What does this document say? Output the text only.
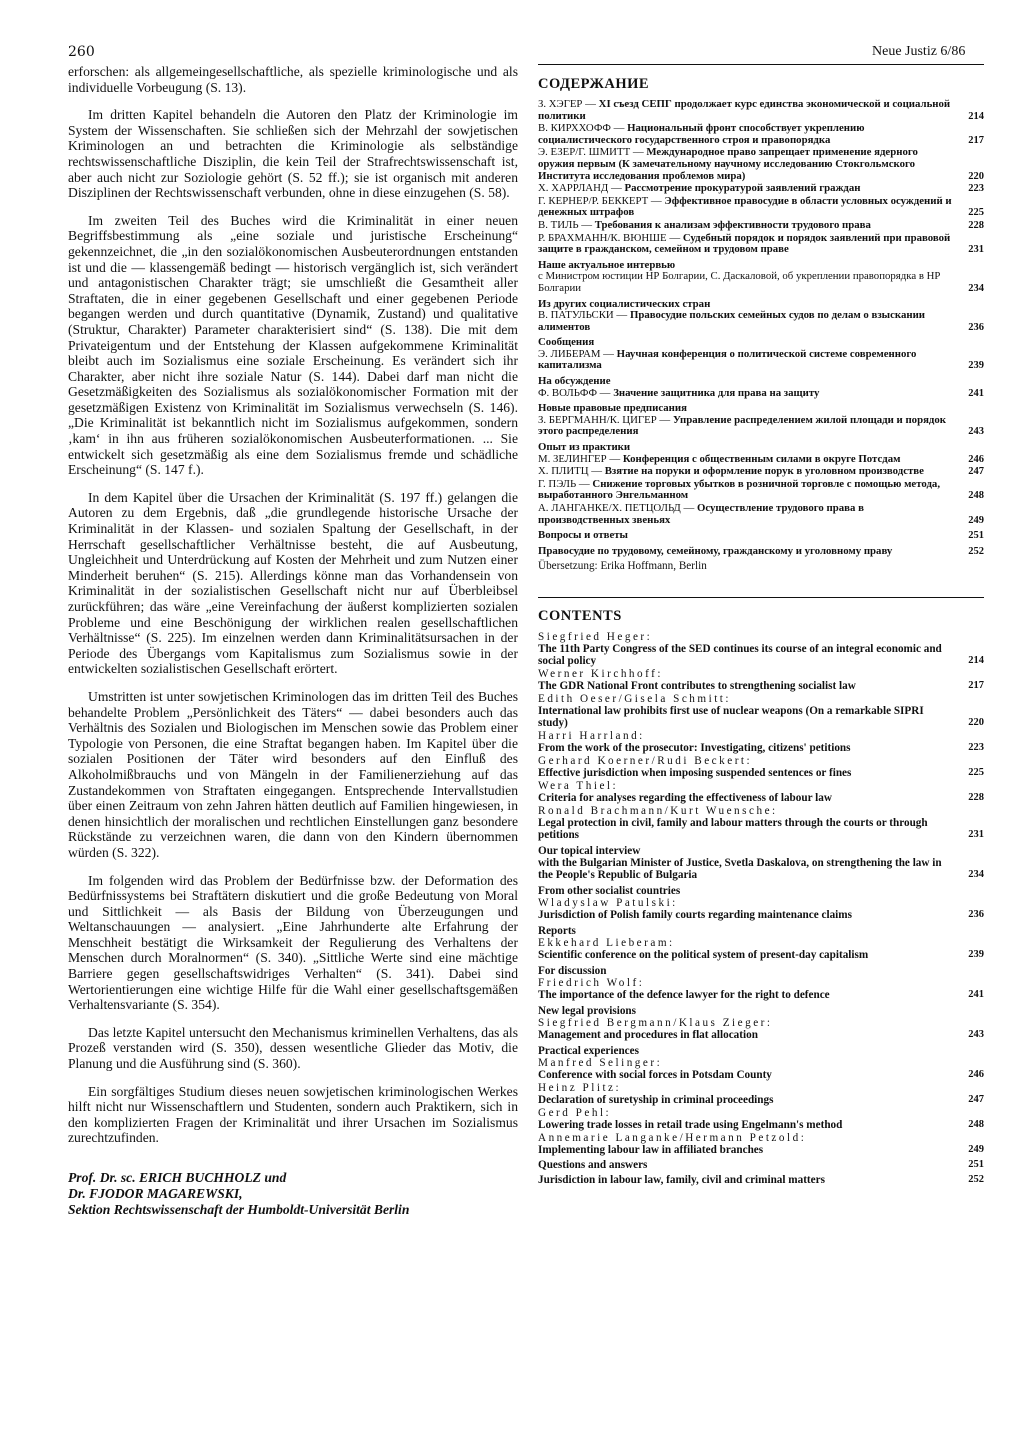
260	Neue Justiz 6/86

erforschen: als allgemeingesellschaftliche, als spezielle kriminologische und als individuelle Vorbeugung (S. 13).

Im dritten Kapitel behandeln die Autoren den Platz der Kriminologie im System der Wissenschaften. Sie schließen sich der Mehrzahl der sowjetischen Kriminologen an und betrachten die Kriminologie als selbständige rechtswissenschaftliche Disziplin, die kein Teil der Strafrechtswissenschaft ist, aber auch nicht zur Soziologie gehört (S. 52 ff.); sie ist organisch mit anderen Disziplinen der Rechtswissenschaft verbunden, ohne in diese einzugehen (S. 58).

Im zweiten Teil des Buches wird die Kriminalität in einer neuen Begriffsbestimmung als „eine soziale und juristische Erscheinung“ gekennzeichnet, die „in den sozialökonomischen Ausbeuterordnungen entstanden ist und die — klassengemäß bedingt — historisch vergänglich ist, sich verändert und antagonistischen Charakter trägt; sie umschließt die Gesamtheit aller Straftaten, die in einer gegebenen Gesellschaft und einer gegebenen Periode begangen werden und durch quantitative (Dynamik, Zustand) und qualitative (Struktur, Charakter) Parameter charakterisiert sind“ (S. 138). Die mit dem Privateigentum und der Entstehung der Klassen aufgekommene Kriminalität bleibt auch im Sozialismus eine soziale Erscheinung. Es verändert sich ihr Charakter, aber nicht ihre soziale Natur (S. 144). Dabei darf man nicht die Gesetzmäßigkeiten des Sozialismus als sozialökonomischer Formation mit der gesetzmäßigen Existenz von Kriminalität im Sozialismus verwechseln (S. 146). „Die Kriminalität ist bekanntlich nicht im Sozialismus aufgekommen, sondern ‚kam‘ in ihn aus früheren sozialökonomischen Ausbeuterformationen. ... Sie entwickelt sich gesetzmäßig als eine dem Sozialismus fremde und schädliche Erscheinung“ (S. 147 f.).

In dem Kapitel über die Ursachen der Kriminalität (S. 197 ff.) gelangen die Autoren zu dem Ergebnis, daß „die grundlegende historische Ursache der Kriminalität in der Klassen- und sozialen Spaltung der Gesellschaft, in der Herrschaft gesellschaftlicher Verhältnisse besteht, die auf Ausbeutung, Ungleichheit und Unterdrückung auf Kosten der Mehrheit und zum Nutzen einer Minderheit beruhen“ (S. 215). Allerdings könne man das Vorhandensein von Kriminalität in der sozialistischen Gesellschaft nicht nur auf Überbleibsel zurückführen; das wäre „eine Vereinfachung der äußerst komplizierten sozialen Probleme und eine Beschönigung der wirklichen realen gesellschaftlichen Verhältnisse“ (S. 225). Im einzelnen werden dann Kriminalitätsursachen in der Periode des Übergangs vom Kapitalismus zum Sozialismus sowie in der entwickelten sozialistischen Gesellschaft erörtert.

Umstritten ist unter sowjetischen Kriminologen das im dritten Teil des Buches behandelte Problem „Persönlichkeit des Täters“ — dabei besonders auch das Verhältnis des Sozialen und Biologischen im Menschen sowie das Problem einer Typologie von Personen, die eine Straftat begangen haben. Im Kapitel über die sozialen Positionen der Täter wird besonders auf den Einfluß des Alkoholmißbrauchs und von Mängeln in der Familienerziehung auf das Zustandekommen von Straftaten eingegangen. Entsprechende Intervallstudien über einen Zeitraum von zehn Jahren hätten deutlich auf Familien hingewiesen, in denen hinsichtlich der moralischen und rechtlichen Einstellungen ganz besondere Rückstände zu verzeichnen waren, die dann von den Kindern übernommen würden (S. 322).

Im folgenden wird das Problem der Bedürfnisse bzw. der Deformation des Bedürfnissystems bei Straftätern diskutiert und die große Bedeutung von Moral und Sittlichkeit — als Basis der Bildung von Überzeugungen und Weltanschauungen — analysiert. „Eine Jahrhunderte alte Erfahrung der Menschheit bestätigt die Wirksamkeit der Regulierung des Verhaltens der Menschen durch Moralnormen“ (S. 340). „Sittliche Werte sind eine mächtige Barriere gegen gesellschaftswidriges Verhalten“ (S. 341). Dabei sind Wertorientierungen eine wichtige Hilfe für die Wahl einer gesellschaftsgemäßen Verhaltensvariante (S. 354).

Das letzte Kapitel untersucht den Mechanismus kriminellen Verhaltens, das als Prozeß verstanden wird (S. 350), dessen wesentliche Glieder das Motiv, die Planung und die Ausführung sind (S. 360).

Ein sorgfältiges Studium dieses neuen sowjetischen kriminologischen Werkes hilft nicht nur Wissenschaftlern und Studenten, sondern auch Praktikern, sich in den komplizierten Fragen der Kriminalität und ihrer Ursachen im Sozialismus zurechtzufinden.

Prof. Dr. sc. ERICH BUCHHOLZ und
Dr. FJODOR MAGAREWSKI,
Sektion Rechtswissenschaft der Humboldt-Universität Berlin
СОДЕРЖАНИЕ
З. ХЭГЕР — XI съезд СЕПГ продолжает курс единства экономической и социальной политики	214
В. КИРХХОФФ — Национальный фронт способствует укреплению социалистического государственного строя и правопорядка	217
Э. ЕЗЕР/Г. ШМИТТ — Международное право запрещает применение ядерного оружия первым (К замечательному научному исследованию Стокгольмского Института исследования проблемов мира)	220
Х. ХАРРЛАНД — Рассмотрение прокуратурой заявлений граждан	223
Г. КЕРНЕР/Р. БЕККЕРТ — Эффективное правосудие в области условных осуждений и денежных штрафов	225
В. ТИЛЬ — Требования к анализам эффективности трудового права	228
Р. БРАХМАНН/К. ВЮНШЕ — Судебный порядок и порядок заявлений при правовой защите в гражданском, семейном и трудовом праве	231
Наше актуальное интервью
с Министром юстиции НР Болгарии, С. Даскаловой, об укреплении правопорядка в НР Болгарии	234
Из других социалистических стран
В. ПАТУЛЬСКИ — Правосудие польских семейных судов по делам о взыскании алиментов	236
Сообщения
Э. ЛИБЕРАМ — Научная конференция о политической системе современного капитализма	239
На обсуждение
Ф. ВОЛЬФФ — Значение защитника для права на защиту	241
Новые правовые предписания
З. БЕРГМАНН/К. ЦИГЕР — Управление распределением жилой площади и порядок этого распределения	243
Опыт из практики
М. ЗЕЛИНГЕР — Конференция с общественным силами в округе Потсдам	246
Х. ПЛИТЦ — Взятие на поруки и оформление порук в уголовном производстве	247
Г. ПЭЛЬ — Снижение торговых убытков в розничной торговле с помощью метода, выработанного Энгельманном	248
А. ЛАНГАНКЕ/Х. ПЕТЦОЛЬД — Осуществление трудового права в производственных звеньях	249
Вопросы и ответы	251
Правосудие по трудовому, семейному, гражданскому и уголовному праву	252
Übersetzung: Erika Hoffmann, Berlin
CONTENTS
Siegfried Heger:
The 11th Party Congress of the SED continues its course of an integral economic and social policy	214
Werner Kirchhoff:
The GDR National Front contributes to strengthening socialist law	217
Edith Oeser/Gisela Schmitt:
International law prohibits first use of nuclear weapons (On a remarkable SIPRI study)	220
Harri Harrland:
From the work of the prosecutor: Investigating, citizens' petitions	223
Gerhard Koerner/Rudi Beckert:
Effective jurisdiction when imposing suspended sentences or fines	225
Wera Thiel:
Criteria for analyses regarding the effectiveness of labour law	228
Ronald Brachmann/Kurt Wuensche:
Legal protection in civil, family and labour matters through the courts or through petitions	231
Our topical interview
with the Bulgarian Minister of Justice, Svetla Daskalova, on strengthening the law in the People's Republic of Bulgaria	234
From other socialist countries
Wladyslaw Patulski:
Jurisdiction of Polish family courts regarding maintenance claims	236
Reports
Ekkehard Lieberam:
Scientific conference on the political system of present-day capitalism	239
For discussion
Friedrich Wolf:
The importance of the defence lawyer for the right to defence	241
New legal provisions
Siegfried Bergmann/Klaus Zieger:
Management and procedures in flat allocation	243
Practical experiences
Manfred Selinger:
Conference with social forces in Potsdam County	246
Heinz Plitz:
Declaration of suretyship in criminal proceedings	247
Gerd Pehl:
Lowering trade losses in retail trade using Engelmann's method	248
Annemarie Langanke/Hermann Petzold:
Implementing labour law in affiliated branches	249
Questions and answers	251
Jurisdiction in labour law, family, civil and criminal matters	252
